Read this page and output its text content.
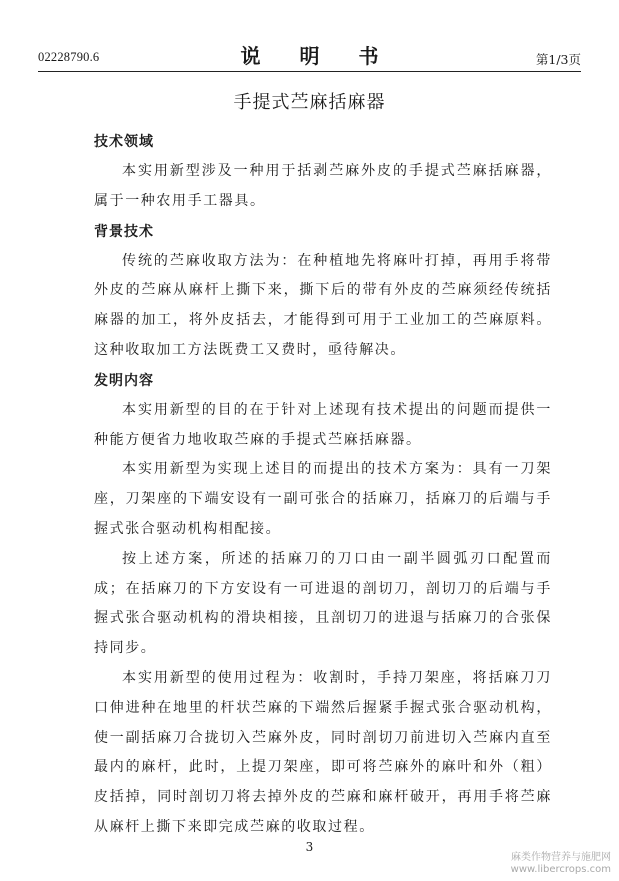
02228790.6	说 明 书	第1/3页
手提式苎麻括麻器

技术领域

本实用新型涉及一种用于括剥苎麻外皮的手提式苎麻括麻器，属于一种农用手工器具。

背景技术

传统的苎麻收取方法为：在种植地先将麻叶打掉，再用手将带外皮的苎麻从麻杆上撕下来，撕下后的带有外皮的苎麻须经传统括麻器的加工，将外皮括去，才能得到可用于工业加工的苎麻原料。这种收取加工方法既费工又费时，亟待解决。

发明内容

本实用新型的目的在于针对上述现有技术提出的问题而提供一种能方便省力地收取苎麻的手提式苎麻括麻器。

本实用新型为实现上述目的而提出的技术方案为：具有一刀架座，刀架座的下端安设有一副可张合的括麻刀，括麻刀的后端与手握式张合驱动机构相配接。

按上述方案，所述的括麻刀的刀口由一副半圆弧刃口配置而成；在括麻刀的下方安设有一可进退的剖切刀，剖切刀的后端与手握式张合驱动机构的滑块相接，且剖切刀的进退与括麻刀的合张保持同步。

本实用新型的使用过程为：收割时，手持刀架座，将括麻刀刀口伸进种在地里的杆状苎麻的下端然后握紧手握式张合驱动机构，使一副括麻刀合拢切入苎麻外皮，同时剖切刀前进切入苎麻内直至最内的麻杆，此时，上提刀架座，即可将苎麻外的麻叶和外（粗）皮括掉，同时剖切刀将去掉外皮的苎麻和麻杆破开，再用手将苎麻从麻杆上撕下来即完成苎麻的收取过程。

3
麻类作物营养与施肥网
www.libercrops.com
